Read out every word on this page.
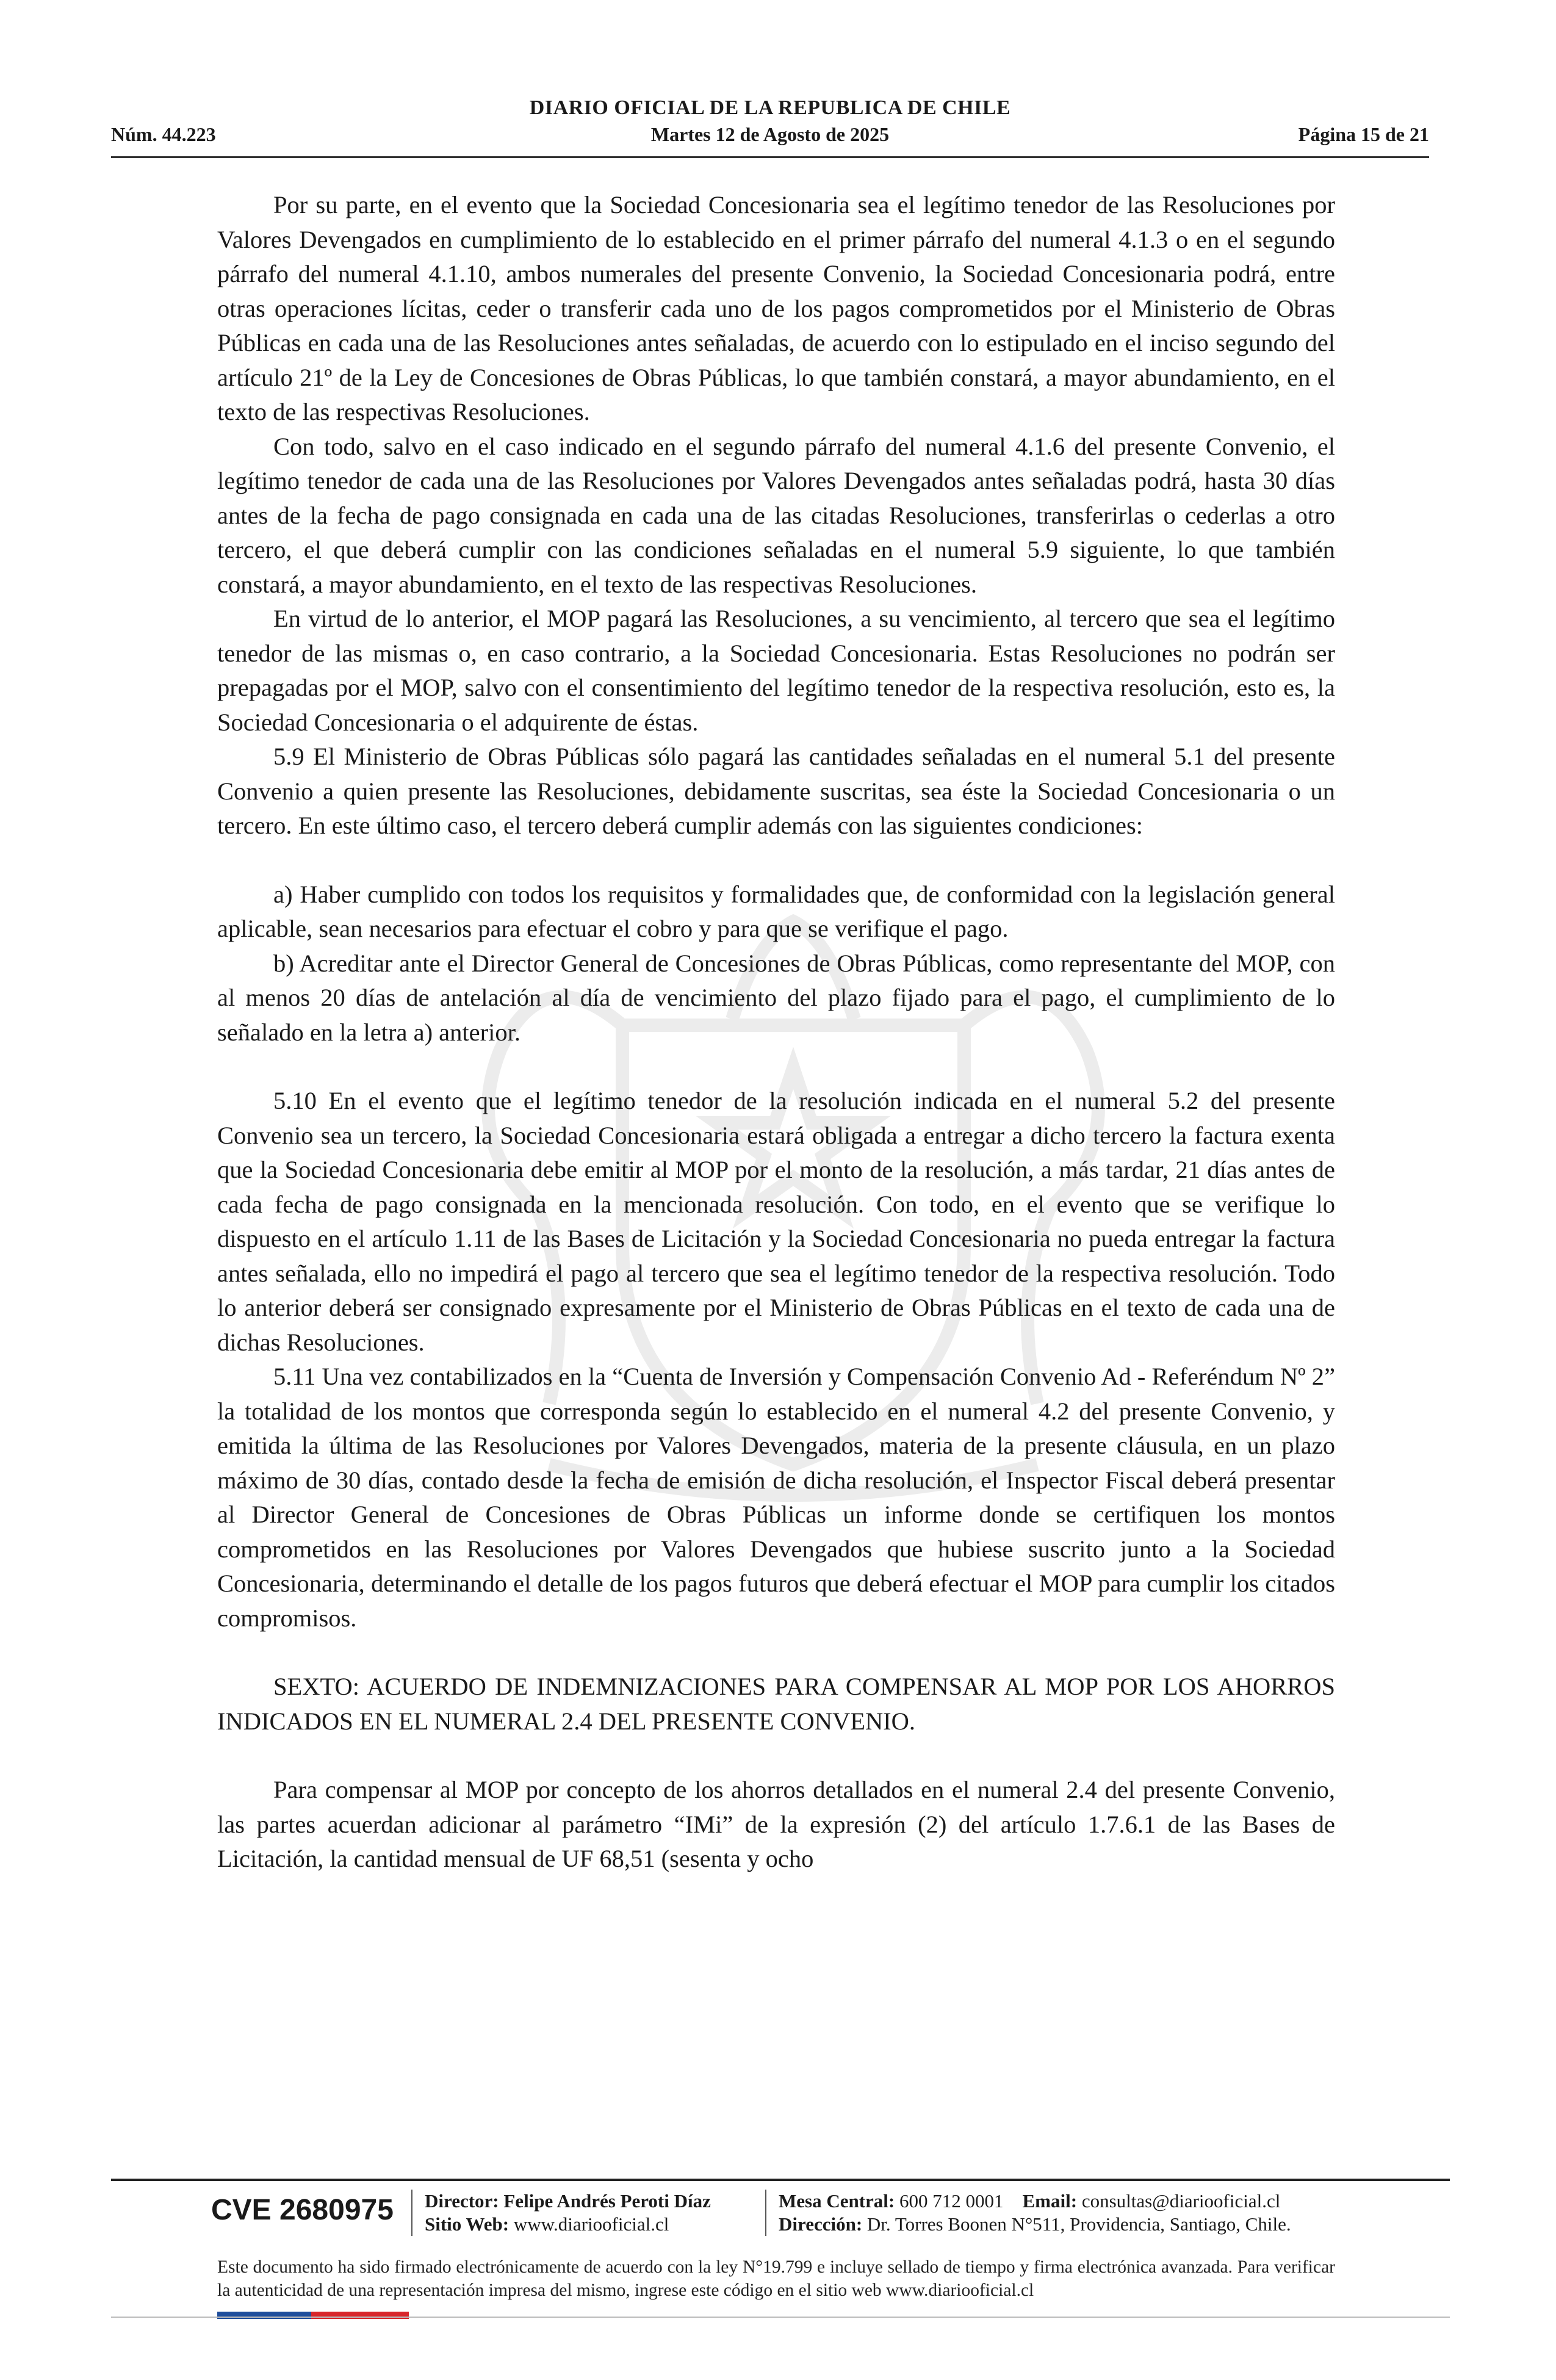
DIARIO OFICIAL DE LA REPUBLICA DE CHILE
Núm. 44.223	Martes 12 de Agosto de 2025	Página 15 de 21

Por su parte, en el evento que la Sociedad Concesionaria sea el legítimo tenedor de las Resoluciones por Valores Devengados en cumplimiento de lo establecido en el primer párrafo del numeral 4.1.3 o en el segundo párrafo del numeral 4.1.10, ambos numerales del presente Convenio, la Sociedad Concesionaria podrá, entre otras operaciones lícitas, ceder o transferir cada uno de los pagos comprometidos por el Ministerio de Obras Públicas en cada una de las Resoluciones antes señaladas, de acuerdo con lo estipulado en el inciso segundo del artículo 21º de la Ley de Concesiones de Obras Públicas, lo que también constará, a mayor abundamiento, en el texto de las respectivas Resoluciones.

Con todo, salvo en el caso indicado en el segundo párrafo del numeral 4.1.6 del presente Convenio, el legítimo tenedor de cada una de las Resoluciones por Valores Devengados antes señaladas podrá, hasta 30 días antes de la fecha de pago consignada en cada una de las citadas Resoluciones, transferirlas o cederlas a otro tercero, el que deberá cumplir con las condiciones señaladas en el numeral 5.9 siguiente, lo que también constará, a mayor abundamiento, en el texto de las respectivas Resoluciones.

En virtud de lo anterior, el MOP pagará las Resoluciones, a su vencimiento, al tercero que sea el legítimo tenedor de las mismas o, en caso contrario, a la Sociedad Concesionaria. Estas Resoluciones no podrán ser prepagadas por el MOP, salvo con el consentimiento del legítimo tenedor de la respectiva resolución, esto es, la Sociedad Concesionaria o el adquirente de éstas.

5.9 El Ministerio de Obras Públicas sólo pagará las cantidades señaladas en el numeral 5.1 del presente Convenio a quien presente las Resoluciones, debidamente suscritas, sea éste la Sociedad Concesionaria o un tercero. En este último caso, el tercero deberá cumplir además con las siguientes condiciones:

a) Haber cumplido con todos los requisitos y formalidades que, de conformidad con la legislación general aplicable, sean necesarios para efectuar el cobro y para que se verifique el pago.

b) Acreditar ante el Director General de Concesiones de Obras Públicas, como representante del MOP, con al menos 20 días de antelación al día de vencimiento del plazo fijado para el pago, el cumplimiento de lo señalado en la letra a) anterior.

5.10 En el evento que el legítimo tenedor de la resolución indicada en el numeral 5.2 del presente Convenio sea un tercero, la Sociedad Concesionaria estará obligada a entregar a dicho tercero la factura exenta que la Sociedad Concesionaria debe emitir al MOP por el monto de la resolución, a más tardar, 21 días antes de cada fecha de pago consignada en la mencionada resolución. Con todo, en el evento que se verifique lo dispuesto en el artículo 1.11 de las Bases de Licitación y la Sociedad Concesionaria no pueda entregar la factura antes señalada, ello no impedirá el pago al tercero que sea el legítimo tenedor de la respectiva resolución. Todo lo anterior deberá ser consignado expresamente por el Ministerio de Obras Públicas en el texto de cada una de dichas Resoluciones.

5.11 Una vez contabilizados en la “Cuenta de Inversión y Compensación Convenio Ad - Referéndum Nº 2” la totalidad de los montos que corresponda según lo establecido en el numeral 4.2 del presente Convenio, y emitida la última de las Resoluciones por Valores Devengados, materia de la presente cláusula, en un plazo máximo de 30 días, contado desde la fecha de emisión de dicha resolución, el Inspector Fiscal deberá presentar al Director General de Concesiones de Obras Públicas un informe donde se certifiquen los montos comprometidos en las Resoluciones por Valores Devengados que hubiese suscrito junto a la Sociedad Concesionaria, determinando el detalle de los pagos futuros que deberá efectuar el MOP para cumplir los citados compromisos.

SEXTO: ACUERDO DE INDEMNIZACIONES PARA COMPENSAR AL MOP POR LOS AHORROS INDICADOS EN EL NUMERAL 2.4 DEL PRESENTE CONVENIO.

Para compensar al MOP por concepto de los ahorros detallados en el numeral 2.4 del presente Convenio, las partes acuerdan adicionar al parámetro “IMi” de la expresión (2) del artículo 1.7.6.1 de las Bases de Licitación, la cantidad mensual de UF 68,51 (sesenta y ocho

CVE 2680975 Director: Felipe Andrés Peroti Díaz
Sitio Web: www.diariooficial.cl
Mesa Central: 600 712 0001 Email: consultas@diariooficial.cl
Dirección: Dr. Torres Boonen N°511, Providencia, Santiago, Chile.
Este documento ha sido firmado electrónicamente de acuerdo con la ley N°19.799 e incluye sellado de tiempo y firma electrónica avanzada. Para verificar la autenticidad de una representación impresa del mismo, ingrese este código en el sitio web www.diariooficial.cl
